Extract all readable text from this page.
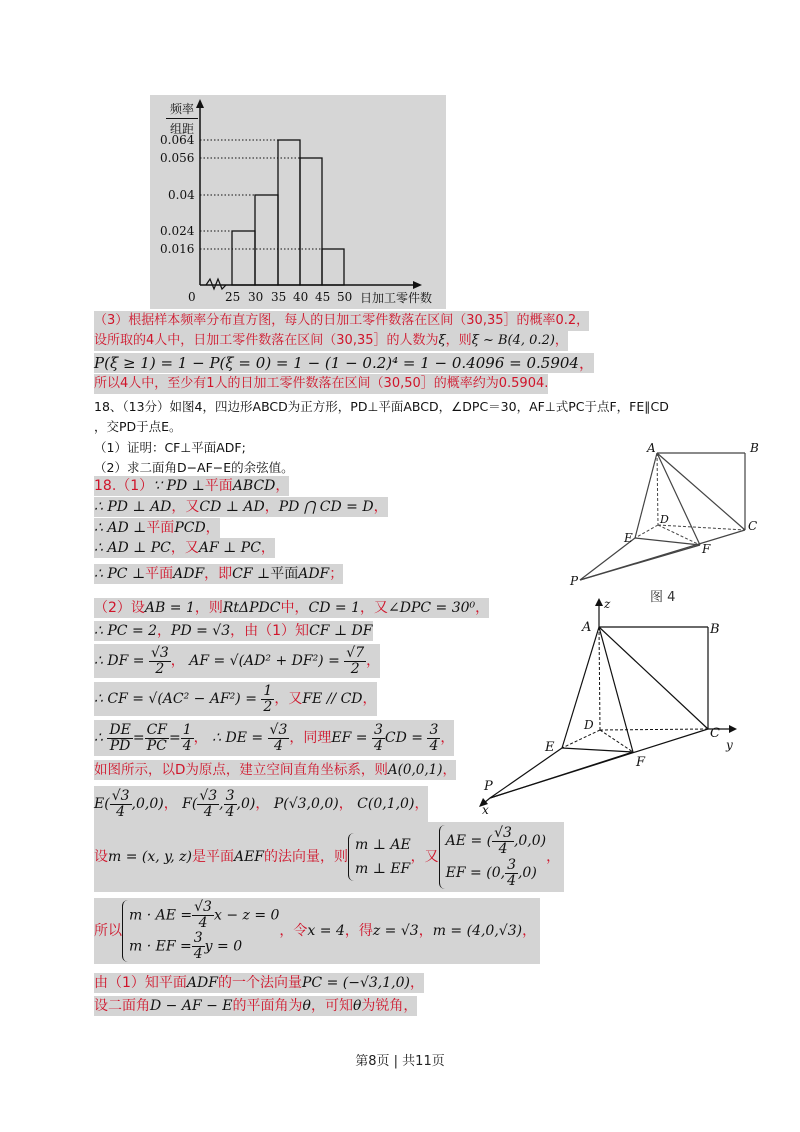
频率
组距
0.064
0.056
0.04
0.024
0.016
0 25 30 35 40 45 50 日加工零件数
（3）根据样本频率分布直方图，每人的日加工零件数落在区间（30,35］的概率0.2，
设所取的4人中，日加工零件数落在区间（30,35］的人数为ξ，则ξ ~ B(4, 0.2)，
P(ξ ≥ 1) = 1 − P(ξ = 0) = 1 − (1 − 0.2)⁴ = 1 − 0.4096 = 0.5904，
所以4人中，至少有1人的日加工零件数落在区间（30,50］的概率约为0.5904.
18、（13分）如图4，四边形ABCD为正方形，PD⊥平面ABCD，∠DPC＝30，AF⊥式PC于点F，FE∥CD
，交PD于点E。
（1）证明：CF⊥平面ADF;
（2）求二面角D−AF−E的余弦值。
A	B
C
D
E
F
P
图 4
18.（1）∵ PD ⊥平面ABCD，
∴ PD ⊥ AD，又CD ⊥ AD，PD ⋂ CD = D，
∴ AD ⊥平面PCD，
∴ AD ⊥ PC，又AF ⊥ PC，
∴ PC ⊥平面ADF，即CF ⊥平面ADF；
（2）设AB = 1，则RtΔPDC中，CD = 1，又∠DPC = 30⁰，
∴ PC = 2，PD = √3，由（1）知CF ⊥ DF
∴ DF = $\frac{√3}{2}$ ， AF = $√(AD^2 + DF^2) = \frac{√7}{2}$ ，
∴ CF = $√(AC^2 - AF^2) = \frac{1}{2}$ ，又FE // CD，
∴ $\frac{DE}{PD} = \frac{CF}{PC} = \frac{1}{4}$ ， ∴ DE = $\frac{√3}{4}$ ，同理EF = $\frac{3}{4}$ CD = $\frac{3}{4}$ ，
如图所示，以D为原点，建立空间直角坐标系，则A(0,0,1)，
$E( \frac{√3}{4} ,0,0)$， $F( \frac{√3}{4}$ , $\frac{3}{4} ,0$)， P(√3,0,0)， C(0,1,0)，
设 m = (x, y, z) 是平面 AEF 的法向量，则
m ⊥ AE
m ⊥ EF
，又
AE = ( $\frac{√3}{4} ,0,0$)
EF = (0, $\frac{3}{4} ,0$)
，
所以
m · AE = $\frac{√3}{4}$ x − z = 0
m · EF = $\frac{3}{4}$ y = 0
，令 x = 4 ，得 z = √3 ， m = (4,0,√3) ，
由（1）知平面ADF的一个法向量PC = (−√3,1,0)，
设二面角D − AF − E的平面角为θ，可知θ为锐角，
z
y
x
A	B
C
D
E
F
P
第8页 | 共11页
